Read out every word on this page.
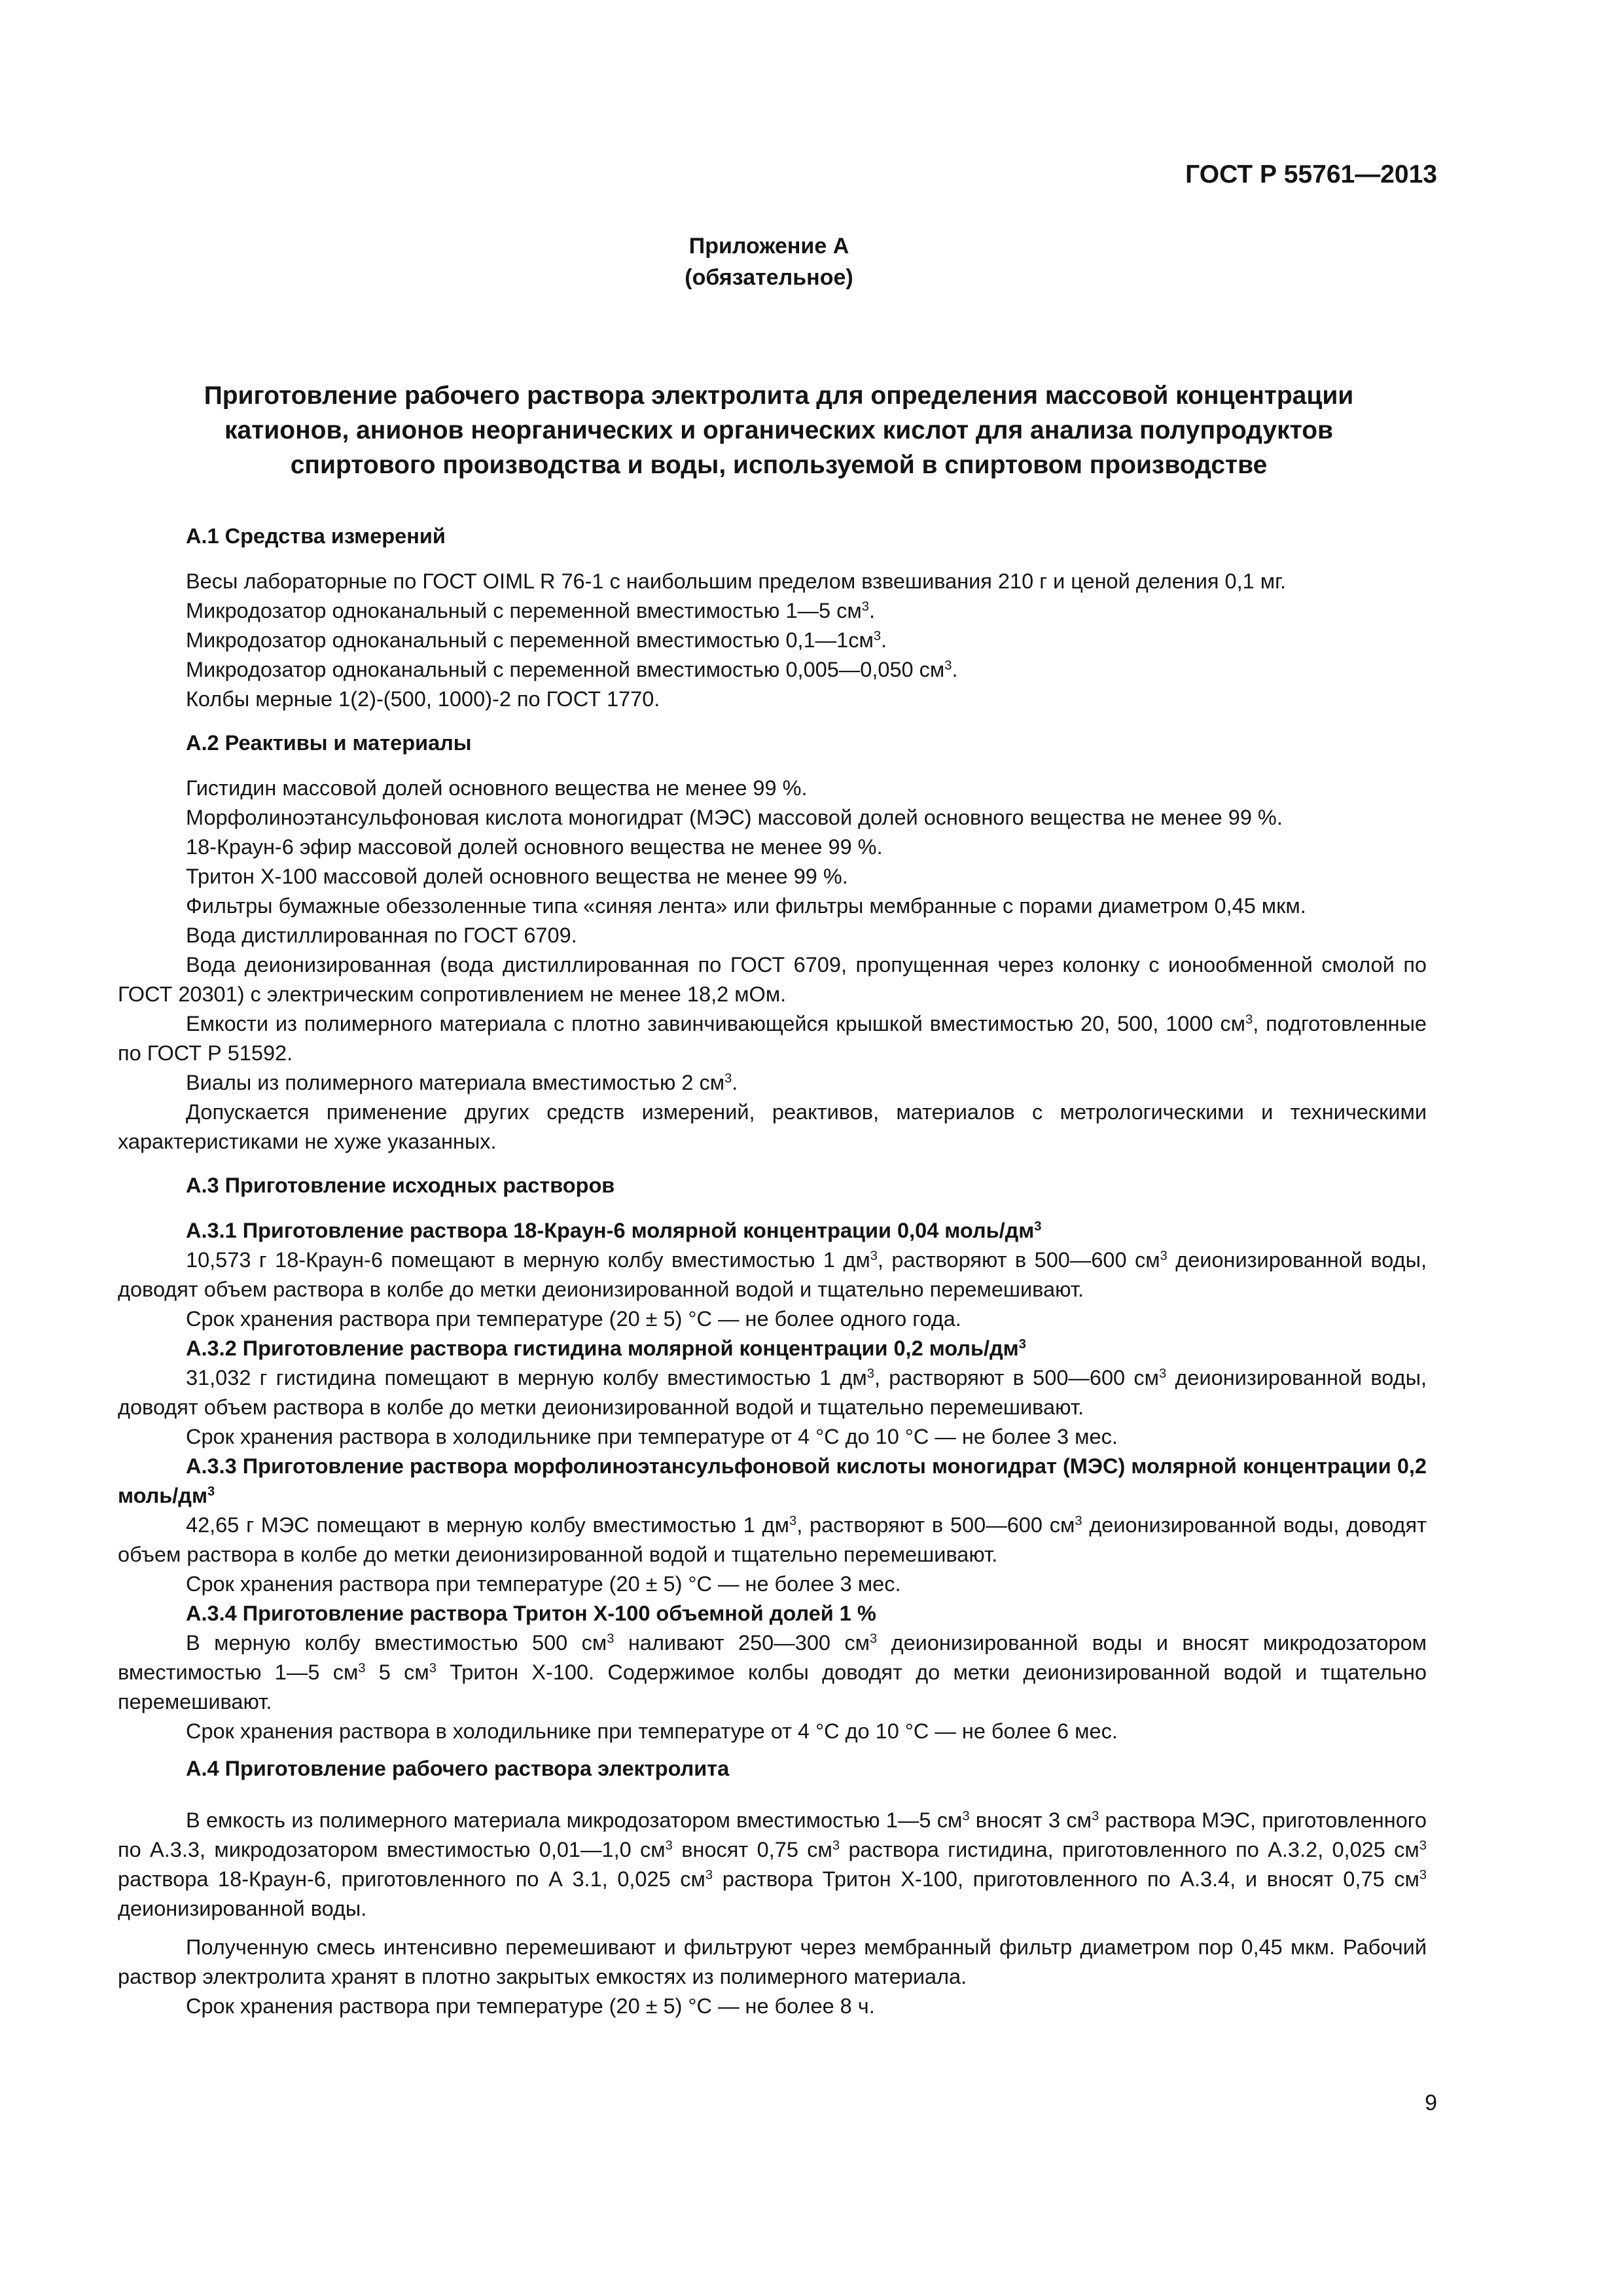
ГОСТ Р 55761—2013
Приложение А
(обязательное)
Приготовление рабочего раствора электролита для определения массовой концентрации катионов, анионов неорганических и органических кислот для анализа полупродуктов спиртового производства и воды, используемой в спиртовом производстве
А.1 Средства измерений

Весы лабораторные по ГОСТ OIML R 76-1 с наибольшим пределом взвешивания 210 г и ценой деления 0,1 мг.

Микродозатор одноканальный с переменной вместимостью 1—5 $см^3$.

Микродозатор одноканальный с переменной вместимостью $0,1—1см^3$.

Микродозатор одноканальный с переменной вместимостью 0,005—0,050 $см^3$.

Колбы мерные 1(2)-(500, 1000)-2 по ГОСТ 1770.

А.2 Реактивы и материалы

Гистидин массовой долей основного вещества не менее 99 %.

Морфолиноэтансульфоновая кислота моногидрат (МЭС) массовой долей основного вещества не менее 99 %.

18-Краун-6 эфир массовой долей основного вещества не менее 99 %.

Тритон Х-100 массовой долей основного вещества не менее 99 %.

Фильтры бумажные обеззоленные типа «синяя лента» или фильтры мембранные с порами диаметром 0,45 мкм.

Вода дистиллированная по ГОСТ 6709.

Вода деионизированная (вода дистиллированная по ГОСТ 6709, пропущенная через колонку с ионообменной смолой по ГОСТ 20301) с электрическим сопротивлением не менее 18,2 мОм.

Емкости из полимерного материала с плотно завинчивающейся крышкой вместимостью 20, 500, 1000 $см^3$, подготовленные по ГОСТ Р 51592.

Виалы из полимерного материала вместимостью 2 $см^3$.

Допускается применение других средств измерений, реактивов, материалов с метрологическими и техническими характеристиками не хуже указанных.

А.3 Приготовление исходных растворов
А.3.1 Приготовление раствора 18-Краун-6 молярной концентрации 0,04 моль/$дм^3$

10,573 г 18-Краун-6 помещают в мерную колбу вместимостью 1 $дм^3$, растворяют в 500—600 $см^3$ деионизированной воды, доводят объем раствора в колбе до метки деионизированной водой и тщательно перемешивают.

Срок хранения раствора при температуре (20 ± 5) °С — не более одного года.

А.3.2 Приготовление раствора гистидина молярной концентрации 0,2 моль/$дм^3$

31,032 г гистидина помещают в мерную колбу вместимостью 1 $дм^3$, растворяют в 500—600 $см^3$ деионизированной воды, доводят объем раствора в колбе до метки деионизированной водой и тщательно перемешивают.

Срок хранения раствора в холодильнике при температуре от 4 °С до 10 °С — не более 3 мес.

А.3.3 Приготовление раствора морфолиноэтансульфоновой кислоты моногидрат (МЭС) молярной концентрации 0,2 моль/$дм^3$

42,65 г МЭС помещают в мерную колбу вместимостью 1 $дм^3$, растворяют в 500—600 $см^3$ деионизированной воды, доводят объем раствора в колбе до метки деионизированной водой и тщательно перемешивают.

Срок хранения раствора при температуре (20 ± 5) °С — не более 3 мес.

А.3.4 Приготовление раствора Тритон Х-100 объемной долей 1 %

В мерную колбу вместимостью 500 $см^3$ наливают 250—300 $см^3$ деионизированной воды и вносят микродозатором вместимостью 1—5 $см^3$ 5 $см^3$ Тритон Х-100. Содержимое колбы доводят до метки деионизированной водой и тщательно перемешивают.

Срок хранения раствора в холодильнике при температуре от 4 °С до 10 °С — не более 6 мес.

А.4 Приготовление рабочего раствора электролита

В емкость из полимерного материала микродозатором вместимостью 1—5 $см^3$ вносят 3 $см^3$ раствора МЭС, приготовленного по А.3.3, микродозатором вместимостью 0,01—1,0 $см^3$ вносят 0,75 $см^3$ раствора гистидина, приготовленного по А.3.2, 0,025 $см^3$ раствора 18-Краун-6, приготовленного по А 3.1, 0,025 $см^3$ раствора Тритон Х-100, приготовленного по А.3.4, и вносят 0,75 $см^3$ деионизированной воды.

Полученную смесь интенсивно перемешивают и фильтруют через мембранный фильтр диаметром пор 0,45 мкм. Рабочий раствор электролита хранят в плотно закрытых емкостях из полимерного материала.

Срок хранения раствора при температуре (20 ± 5) °С — не более 8 ч.

9
